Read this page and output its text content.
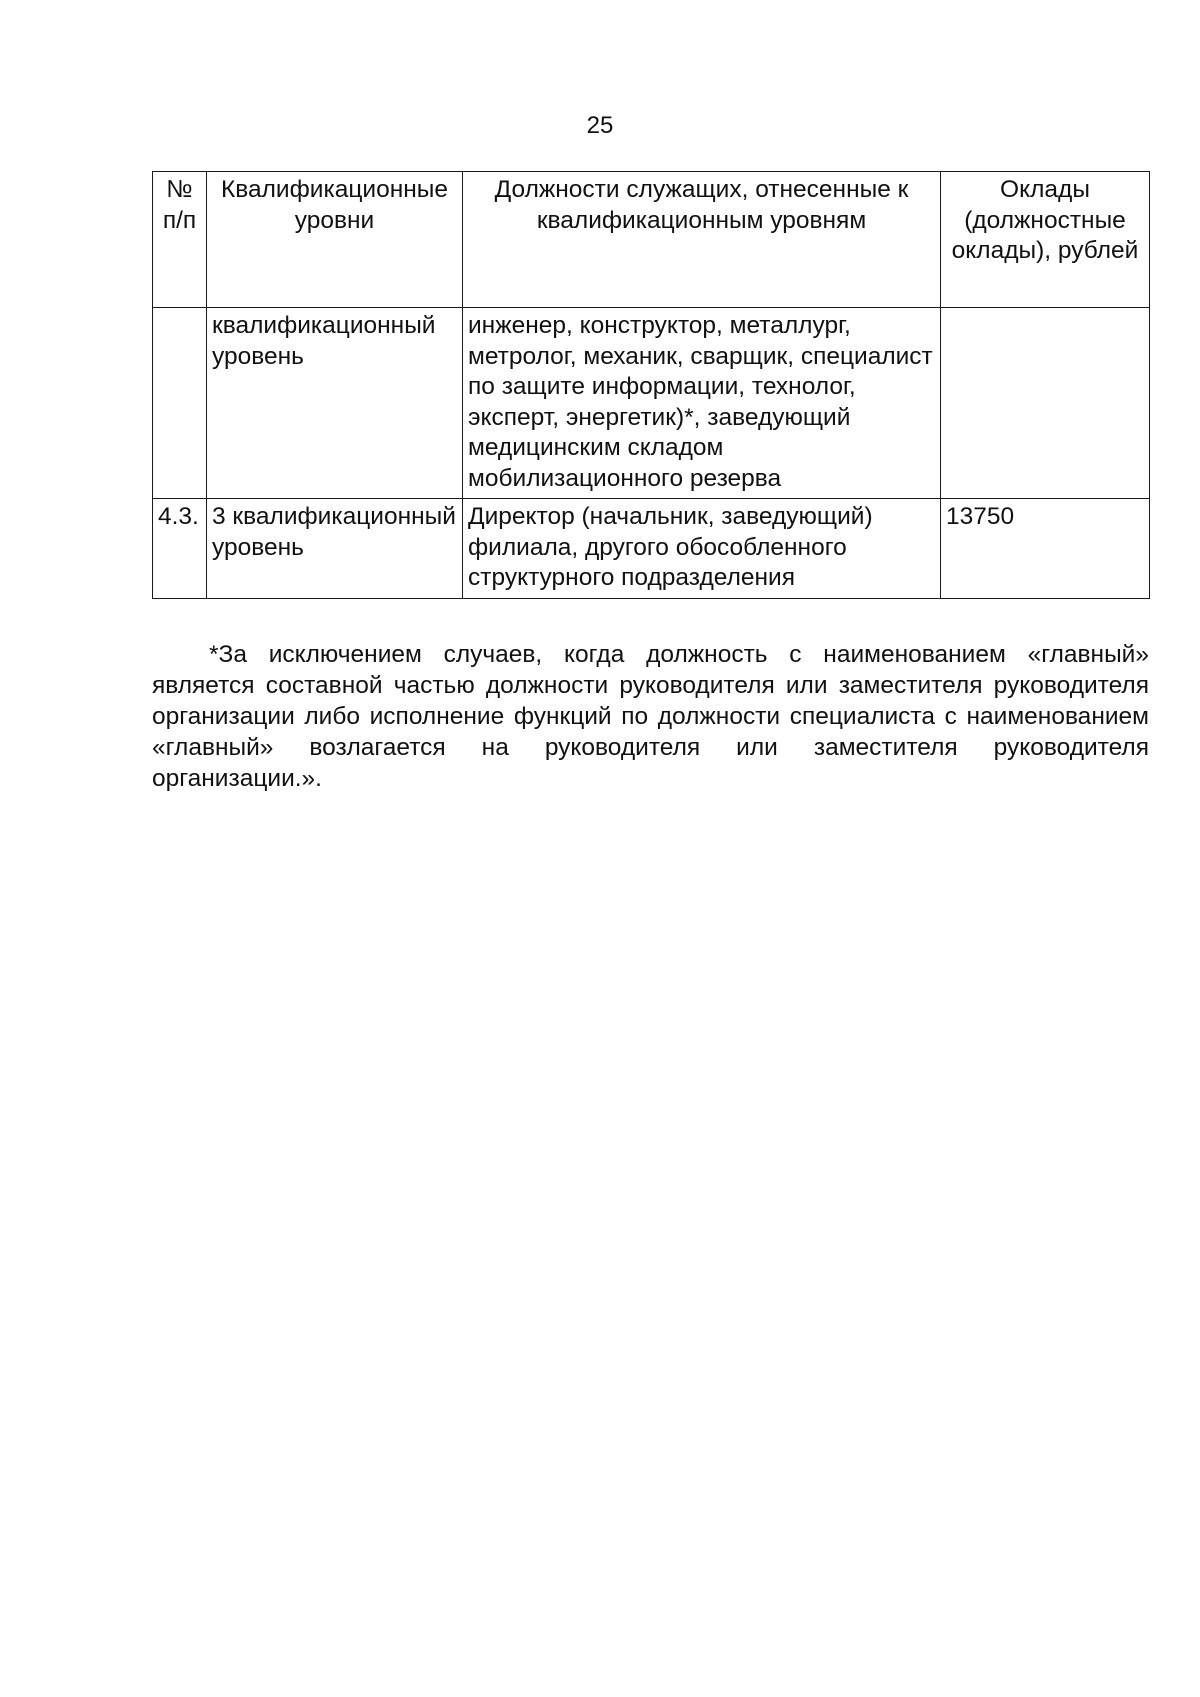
25
№ п/п	Квалификационные уровни	Должности служащих, отнесенные к квалификационным уровням	Оклады (должностные оклады), рублей
	квалификационный уровень	инженер, конструктор, металлург, метролог, механик, сварщик, специалист по защите информации, технолог, эксперт, энергетик)*, заведующий медицинским складом мобилизационного резерва	
4.3.	3 квалификационный уровень	Директор (начальник, заведующий) филиала, другого обособленного структурного подразделения	13750

*За исключением случаев, когда должность с наименованием «главный» является составной частью должности руководителя или заместителя руководителя организации либо исполнение функций по должности специалиста с наименованием «главный» возлагается на руководителя или заместителя руководителя организации.».
